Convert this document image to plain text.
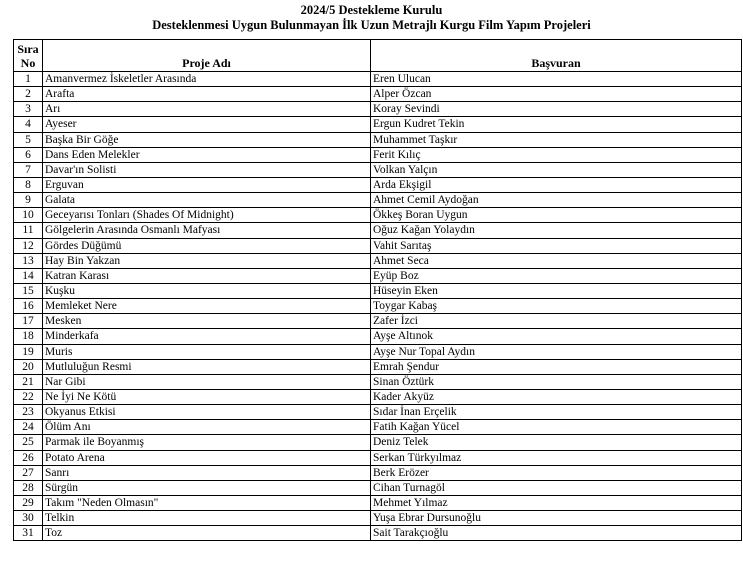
2024/5 Destekleme Kurulu
Desteklenmesi Uygun Bulunmayan İlk Uzun Metrajlı Kurgu Film Yapım Projeleri
Sıra
No	Proje Adı	Başvuran
1	Amanvermez İskeletler Arasında	Eren Ulucan
2	Arafta	Alper Özcan
3	Arı	Koray Sevindi
4	Ayeser	Ergun Kudret Tekin
5	Başka Bir Göğe	Muhammet Taşkır
6	Dans Eden Melekler	Ferit Kılıç
7	Davar'ın Solisti	Volkan Yalçın
8	Erguvan	Arda Ekşigil
9	Galata	Ahmet Cemil Aydoğan
10	Geceyarısı Tonları (Shades Of Midnight)	Ökkeş Boran Uygun
11	Gölgelerin Arasında Osmanlı Mafyası	Oğuz Kağan Yolaydın
12	Gördes Düğümü	Vahit Sarıtaş
13	Hay Bin Yakzan	Ahmet Seca
14	Katran Karası	Eyüp Boz
15	Kuşku	Hüseyin Eken
16	Memleket Nere	Toygar Kabaş
17	Mesken	Zafer İzci
18	Minderkafa	Ayşe Altınok
19	Muris	Ayşe Nur Topal Aydın
20	Mutluluğun Resmi	Emrah Şendur
21	Nar Gibi	Sinan Öztürk
22	Ne İyi Ne Kötü	Kader Akyüz
23	Okyanus Etkisi	Sıdar İnan Erçelik
24	Ölüm Anı	Fatih Kağan Yücel
25	Parmak ile Boyanmış	Deniz Telek
26	Potato Arena	Serkan Türkyılmaz
27	Sanrı	Berk Erözer
28	Sürgün	Cihan Turnagöl
29	Takım "Neden Olmasın"	Mehmet Yılmaz
30	Telkin	Yuşa Ebrar Dursunoğlu
31	Toz	Sait Tarakçıoğlu
